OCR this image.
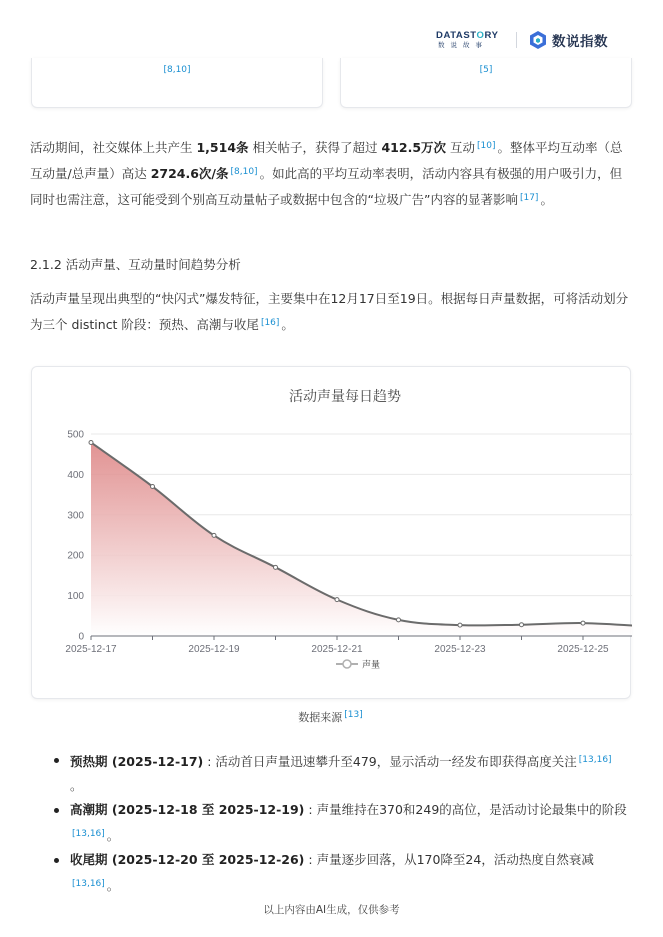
DATASTORY
数说故事	数说指数
[8,10]	[5]
活动期间，社交媒体上共产生 1,514条 相关帖子，获得了超过 412.5万次 互动 [10] 。整体平均互动率（总互动量/总声量）高达 2724.6次/条 [8,10] 。如此高的平均互动率表明，活动内容具有极强的用户吸引力，但同时也需注意，这可能受到个别高互动量帖子或数据中包含的“垃圾广告”内容的显著影响 [17] 。
2.1.2 活动声量、互动量时间趋势分析
活动声量呈现出典型的“快闪式”爆发特征，主要集中在12月17日至19日。根据每日声量数据，可将活动划分为三个 distinct 阶段：预热、高潮与收尾 [16] 。
活动声量每日趋势
0
100
200
300
400
500
2025-12-17	2025-12-19	2025-12-21	2025-12-23	2025-12-25
声量
数据来源 [13]
预热期 (2025-12-17) : 活动首日声量迅速攀升至479，显示活动一经发布即获得高度关注 [13,16]
。
高潮期 (2025-12-18 至 2025-12-19) : 声量维持在370和249的高位，是活动讨论最集中的阶段[13,16] 。
收尾期 (2025-12-20 至 2025-12-26) : 声量逐步回落，从170降至24，活动热度自然衰减[13,16] 。
以上内容由AI生成，仅供参考
